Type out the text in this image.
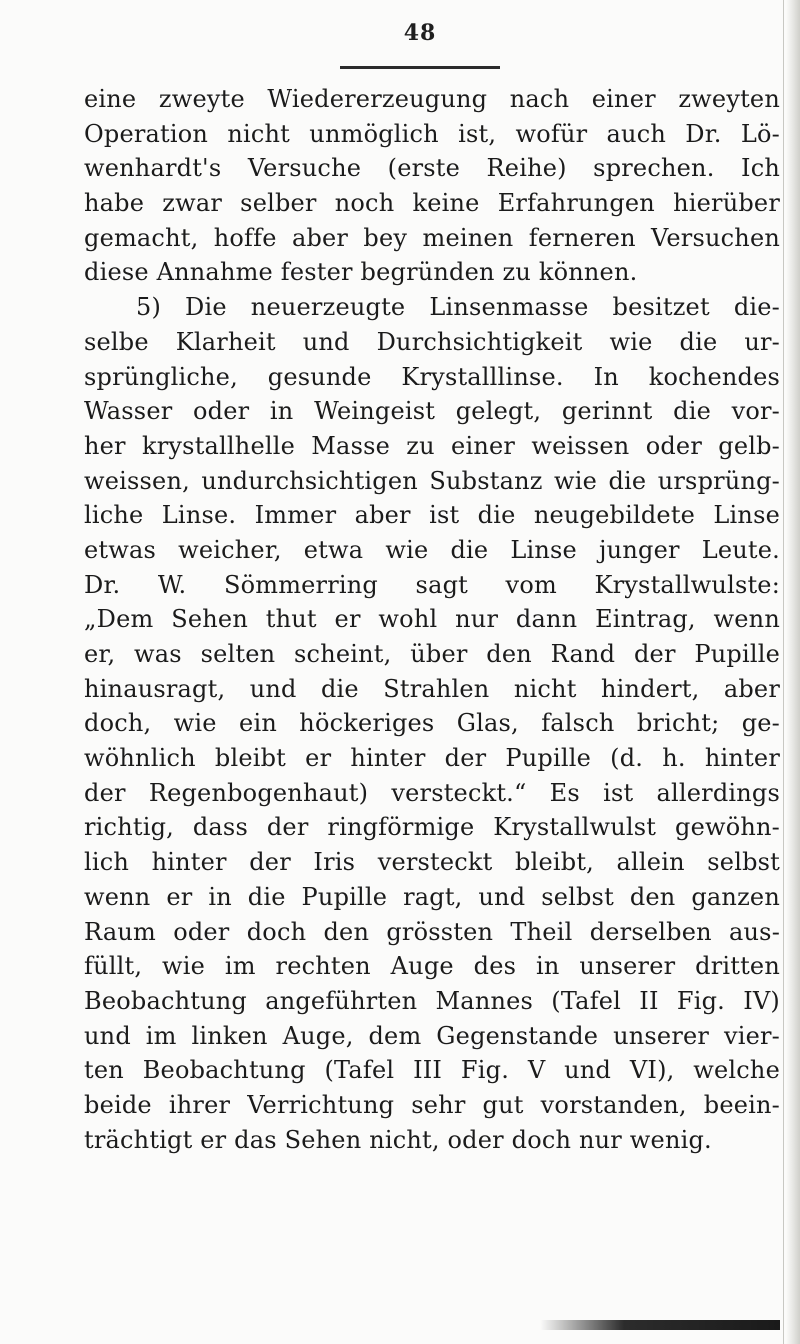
48
eine zweyte Wiedererzeugung nach einer zweyten
Operation nicht unmöglich ist, wofür auch Dr. Lö-
wenhardt's Versuche (erste Reihe) sprechen. Ich
habe zwar selber noch keine Erfahrungen hierüber
gemacht, hoffe aber bey meinen ferneren Versuchen
diese Annahme fester begründen zu können.
5) Die neuerzeugte Linsenmasse besitzet die-
selbe Klarheit und Durchsichtigkeit wie die ur-
sprüngliche, gesunde Krystalllinse. In kochendes
Wasser oder in Weingeist gelegt, gerinnt die vor-
her krystallhelle Masse zu einer weissen oder gelb-
weissen, undurchsichtigen Substanz wie die ursprüng-
liche Linse. Immer aber ist die neugebildete Linse
etwas weicher, etwa wie die Linse junger Leute.
Dr. W. Sömmerring sagt vom Krystallwulste:
„Dem Sehen thut er wohl nur dann Eintrag, wenn
er, was selten scheint, über den Rand der Pupille
hinausragt, und die Strahlen nicht hindert, aber
doch, wie ein höckeriges Glas, falsch bricht; ge-
wöhnlich bleibt er hinter der Pupille (d. h. hinter
der Regenbogenhaut) versteckt.“ Es ist allerdings
richtig, dass der ringförmige Krystallwulst gewöhn-
lich hinter der Iris versteckt bleibt, allein selbst
wenn er in die Pupille ragt, und selbst den ganzen
Raum oder doch den grössten Theil derselben aus-
füllt, wie im rechten Auge des in unserer dritten
Beobachtung angeführten Mannes (Tafel II Fig. IV)
und im linken Auge, dem Gegenstande unserer vier-
ten Beobachtung (Tafel III Fig. V und VI), welche
beide ihrer Verrichtung sehr gut vorstanden, beein-
trächtigt er das Sehen nicht, oder doch nur wenig.
